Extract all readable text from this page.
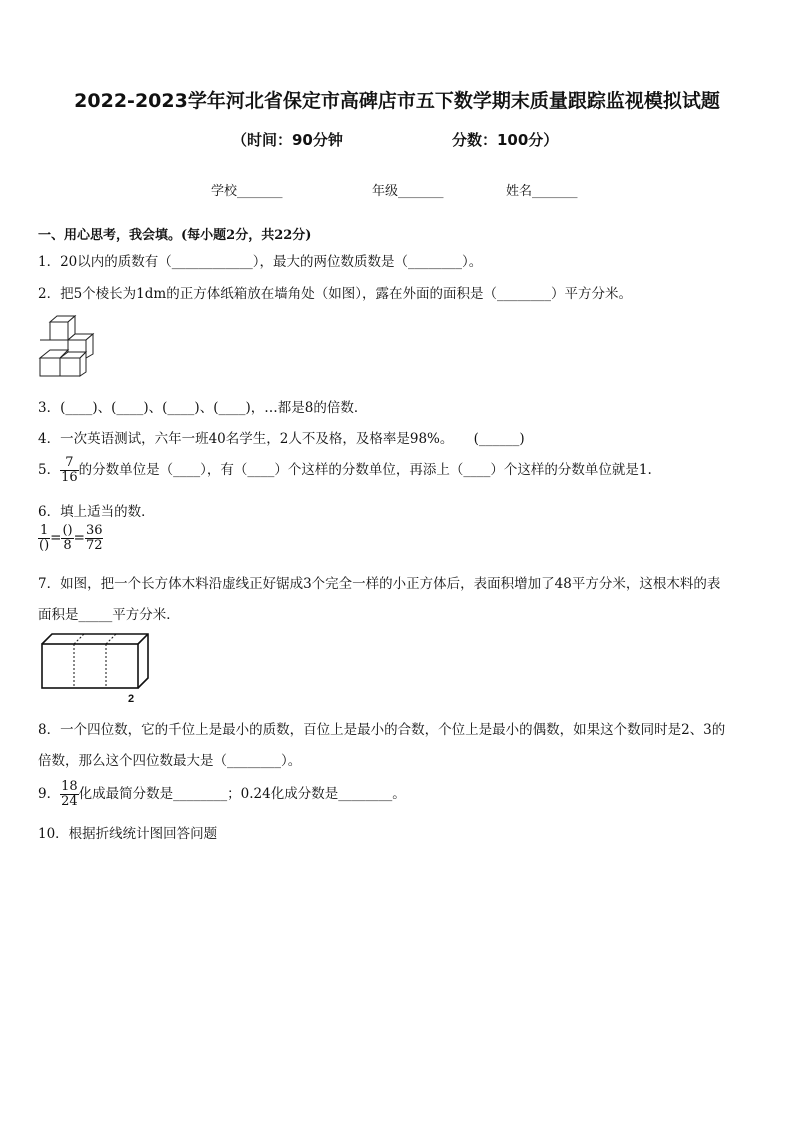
2022-2023学年河北省保定市高碑店市五下数学期末质量跟踪监视模拟试题
（时间：90分钟	分数：100分）
学校_______	年级_______	姓名_______
一、用心思考，我会填。(每小题2分，共22分)
1．20以内的质数有（____________），最大的两位数质数是（________）。
2．把5个棱长为1dm的正方体纸箱放在墙角处（如图），露在外面的面积是（________）平方分米。
3．(____)、(____)、(____)、(____)，…都是8的倍数．
4．一次英语测试，六年一班40名学生，2人不及格，及格率是98%。　　(______)
5． $\frac{7}{16}$ 的分数单位是（____），有（____）个这样的分数单位，再添上（____）个这样的分数单位就是1.
6．填上适当的数．
$\frac{1}{()} = \frac{()}{8} = \frac{36}{72}$
7．如图，把一个长方体木料沿虚线正好锯成3个完全一样的小正方体后，表面积增加了48平方分米，这根木料的表
面积是_____平方分米．
2
8．一个四位数，它的千位上是最小的质数，百位上是最小的合数，个位上是最小的偶数，如果这个数同时是2、3的
倍数，那么这个四位数最大是（________）。
9． $\frac{18}{24}$ 化成最简分数是________；0.24化成分数是________。
10．根据折线统计图回答问题
